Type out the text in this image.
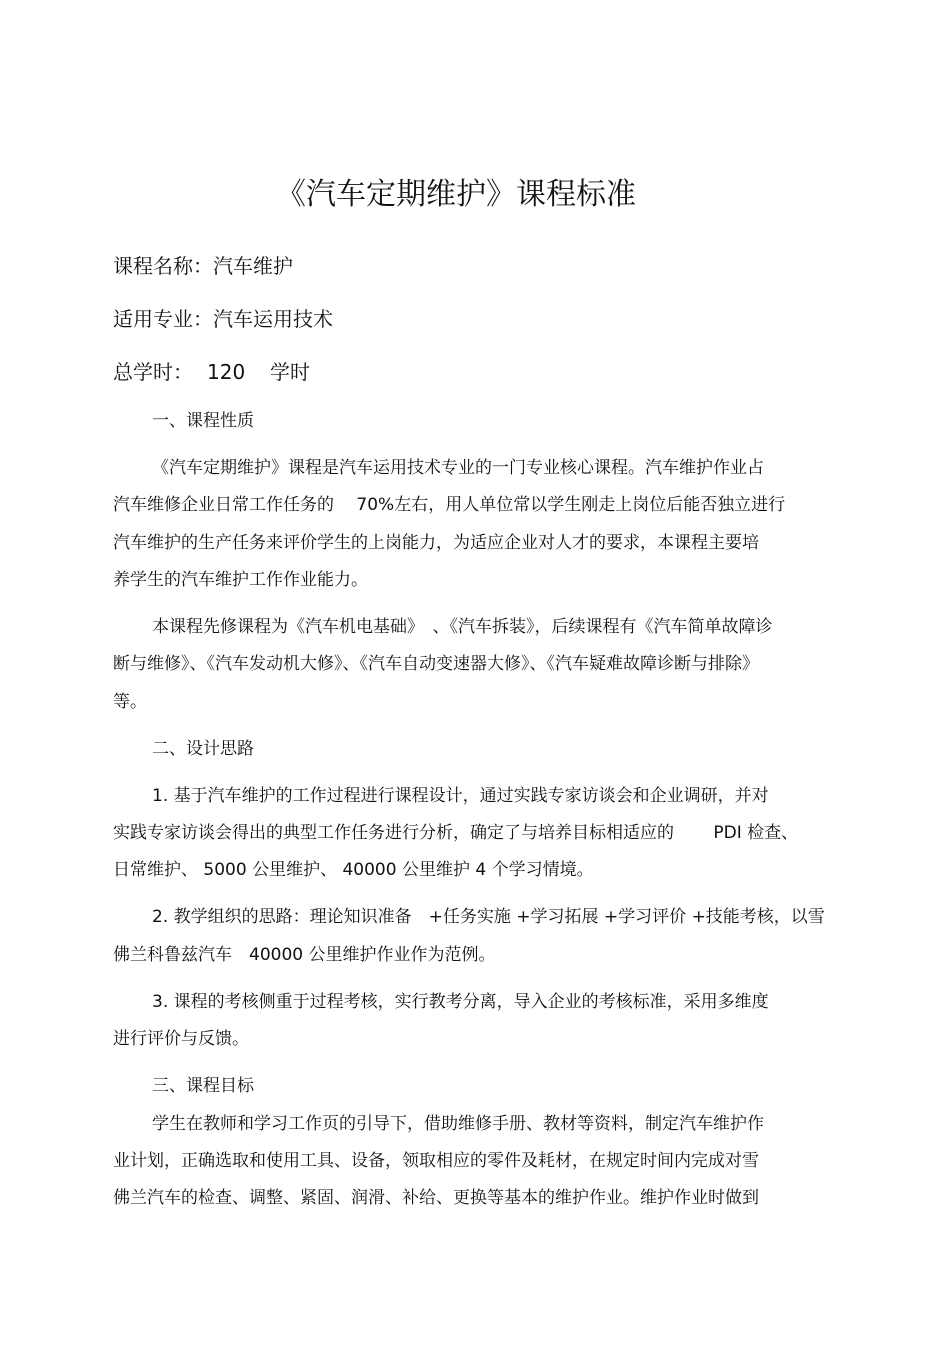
《汽车定期维护》课程标准
课程名称：汽车维护
适用专业：汽车运用技术
总学时： 120 学时
一、课程性质
《汽车定期维护》课程是汽车运用技术专业的一门专业核心课程。汽车维护作业占
汽车维修企业日常工作任务的　 70%左右，用人单位常以学生刚走上岗位后能否独立进行
汽车维护的生产任务来评价学生的上岗能力，为适应企业对人才的要求，本课程主要培
养学生的汽车维护工作作业能力。
本课程先修课程为《汽车机电基础》　、《汽车拆装》，后续课程有《汽车简单故障诊
断与维修》、《汽车发动机大修》、《汽车自动变速器大修》、《汽车疑难故障诊断与排除》
等。
二、设计思路
1. 基于汽车维护的工作过程进行课程设计，通过实践专家访谈会和企业调研，并对
实践专家访谈会得出的典型工作任务进行分析，确定了与培养目标相适应的　　 PDI 检查、
日常维护、 5000 公里维护、 40000 公里维护 4 个学习情境。
2. 教学组织的思路：理论知识准备　+任务实施 +学习拓展 +学习评价 +技能考核，以雪
佛兰科鲁兹汽车　40000 公里维护作业作为范例。
3. 课程的考核侧重于过程考核，实行教考分离，导入企业的考核标准，采用多维度
进行评价与反馈。
三、课程目标
学生在教师和学习工作页的引导下，借助维修手册、教材等资料，制定汽车维护作
业计划，正确选取和使用工具、设备，领取相应的零件及耗材，在规定时间内完成对雪
佛兰汽车的检查、调整、紧固、润滑、补给、更换等基本的维护作业。维护作业时做到
